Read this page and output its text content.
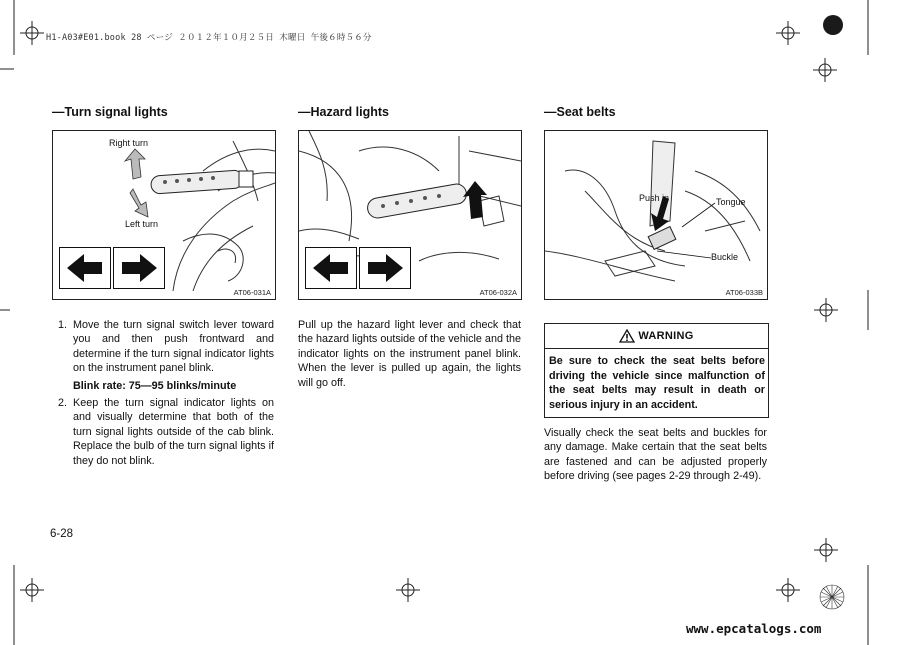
H1-A03#E01.book 28 ページ ２０１２年１０月２５日 木曜日 午後６時５６分
—Turn signal lights
Right turn
Left turn
AT06-031A
1. Move the turn signal switch lever toward you and then push frontward and determine if the turn signal indicator lights on the instrument panel blink.
Blink rate: 75—95 blinks/minute
2. Keep the turn signal indicator lights on and visually determine that both of the turn signal lights outside of the cab blink. Replace the bulb of the turn signal lights if they do not blink.
—Hazard lights
AT06-032A
Pull up the hazard light lever and check that the hazard lights outside of the vehicle and the indicator lights on the instrument panel blink. When the lever is pulled up again, the lights will go off.
—Seat belts
Push in	Tongue
Buckle
AT06-033B
WARNING
Be sure to check the seat belts before driving the vehicle since malfunction of the seat belts may result in death or serious injury in an accident.
Visually check the seat belts and buckles for any damage. Make certain that the seat belts are fastened and can be adjusted properly before driving (see pages 2-29 through 2-49).
6-28
www.epcatalogs.com
